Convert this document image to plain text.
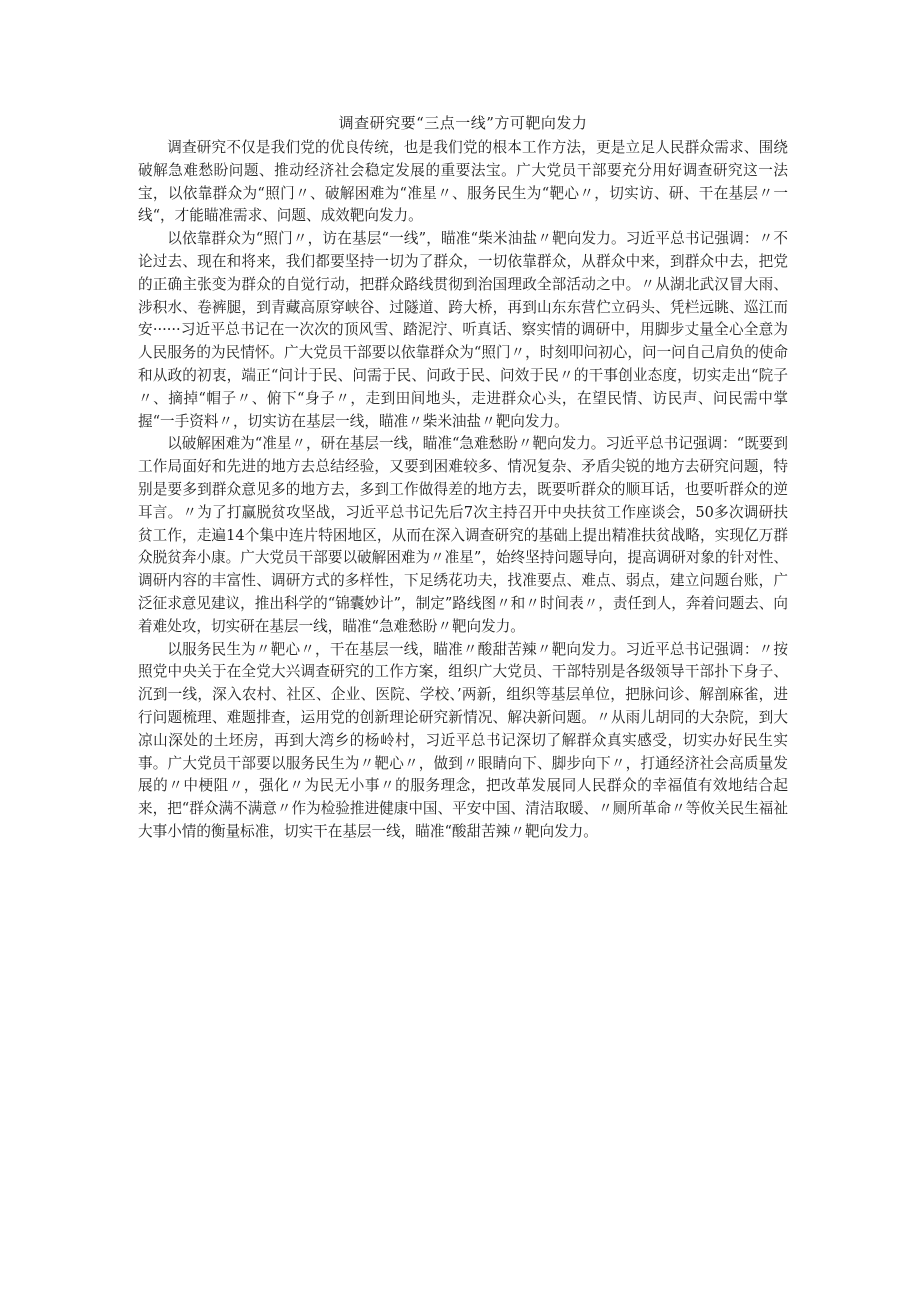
调查研究要“三点一线”方可靶向发力

调查研究不仅是我们党的优良传统，也是我们党的根本工作方法，更是立足人民群众需求、围绕破解急难愁盼问题、推动经济社会稳定发展的重要法宝。广大党员干部要充分用好调查研究这一法宝，以依靠群众为“照门〃、破解困难为“准星〃、服务民生为“靶心〃，切实访、研、干在基层〃一线“，才能瞄准需求、问题、成效靶向发力。

以依靠群众为“照门〃，访在基层“一线”，瞄准“柴米油盐〃靶向发力。习近平总书记强调：〃不论过去、现在和将来，我们都要坚持一切为了群众，一切依靠群众，从群众中来，到群众中去，把党的正确主张变为群众的自觉行动，把群众路线贯彻到治国理政全部活动之中。〃从湖北武汉冒大雨、涉积水、卷裤腿，到青藏高原穿峡谷、过隧道、跨大桥，再到山东东营伫立码头、凭栏远眺、巡江而安······习近平总书记在一次次的顶风雪、踏泥泞、听真话、察实情的调研中，用脚步丈量全心全意为人民服务的为民情怀。广大党员干部要以依靠群众为“照门〃，时刻叩问初心，问一问自己肩负的使命和从政的初衷，端正“问计于民、问需于民、问政于民、问效于民〃的干事创业态度，切实走出“院子〃、摘掉“帽子〃、俯下“身子〃，走到田间地头，走进群众心头，在望民情、访民声、问民需中掌握“一手资料〃，切实访在基层一线，瞄准〃柴米油盐〃靶向发力。

以破解困难为“准星〃，研在基层一线，瞄准“急难愁盼〃靶向发力。习近平总书记强调：“既要到工作局面好和先进的地方去总结经验，又要到困难较多、情况复杂、矛盾尖锐的地方去研究问题，特别是要多到群众意见多的地方去，多到工作做得差的地方去，既要听群众的顺耳话，也要听群众的逆耳言。〃为了打赢脱贫攻坚战，习近平总书记先后7次主持召开中央扶贫工作座谈会，50多次调研扶贫工作，走遍14个集中连片特困地区，从而在深入调查研究的基础上提出精准扶贫战略，实现亿万群众脱贫奔小康。广大党员干部要以破解困难为〃准星”，始终坚持问题导向，提高调研对象的针对性、调研内容的丰富性、调研方式的多样性，下足绣花功夫，找准要点、难点、弱点，建立问题台账，广泛征求意见建议，推出科学的“锦囊妙计”，制定”路线图〃和〃时间表〃，责任到人，奔着问题去、向着难处攻，切实研在基层一线，瞄准“急难愁盼〃靶向发力。

以服务民生为〃靶心〃，干在基层一线，瞄准〃酸甜苦辣〃靶向发力。习近平总书记强调：〃按照党中央关于在全党大兴调查研究的工作方案，组织广大党员、干部特别是各级领导干部扑下身子、沉到一线，深入农村、社区、企业、医院、学校、’两新，组织等基层单位，把脉问诊、解剖麻雀，进行问题梳理、难题排查，运用党的创新理论研究新情况、解决新问题。〃从雨儿胡同的大杂院，到大凉山深处的土坯房，再到大湾乡的杨岭村，习近平总书记深切了解群众真实感受，切实办好民生实事。广大党员干部要以服务民生为〃靶心〃，做到〃眼睛向下、脚步向下〃，打通经济社会高质量发展的〃中梗阻〃，强化〃为民无小事〃的服务理念，把改革发展同人民群众的幸福值有效地结合起来，把“群众满不满意〃作为检验推进健康中国、平安中国、清洁取暖、〃厕所革命〃等攸关民生福祉大事小情的衡量标准，切实干在基层一线，瞄准“酸甜苦辣〃靶向发力。
